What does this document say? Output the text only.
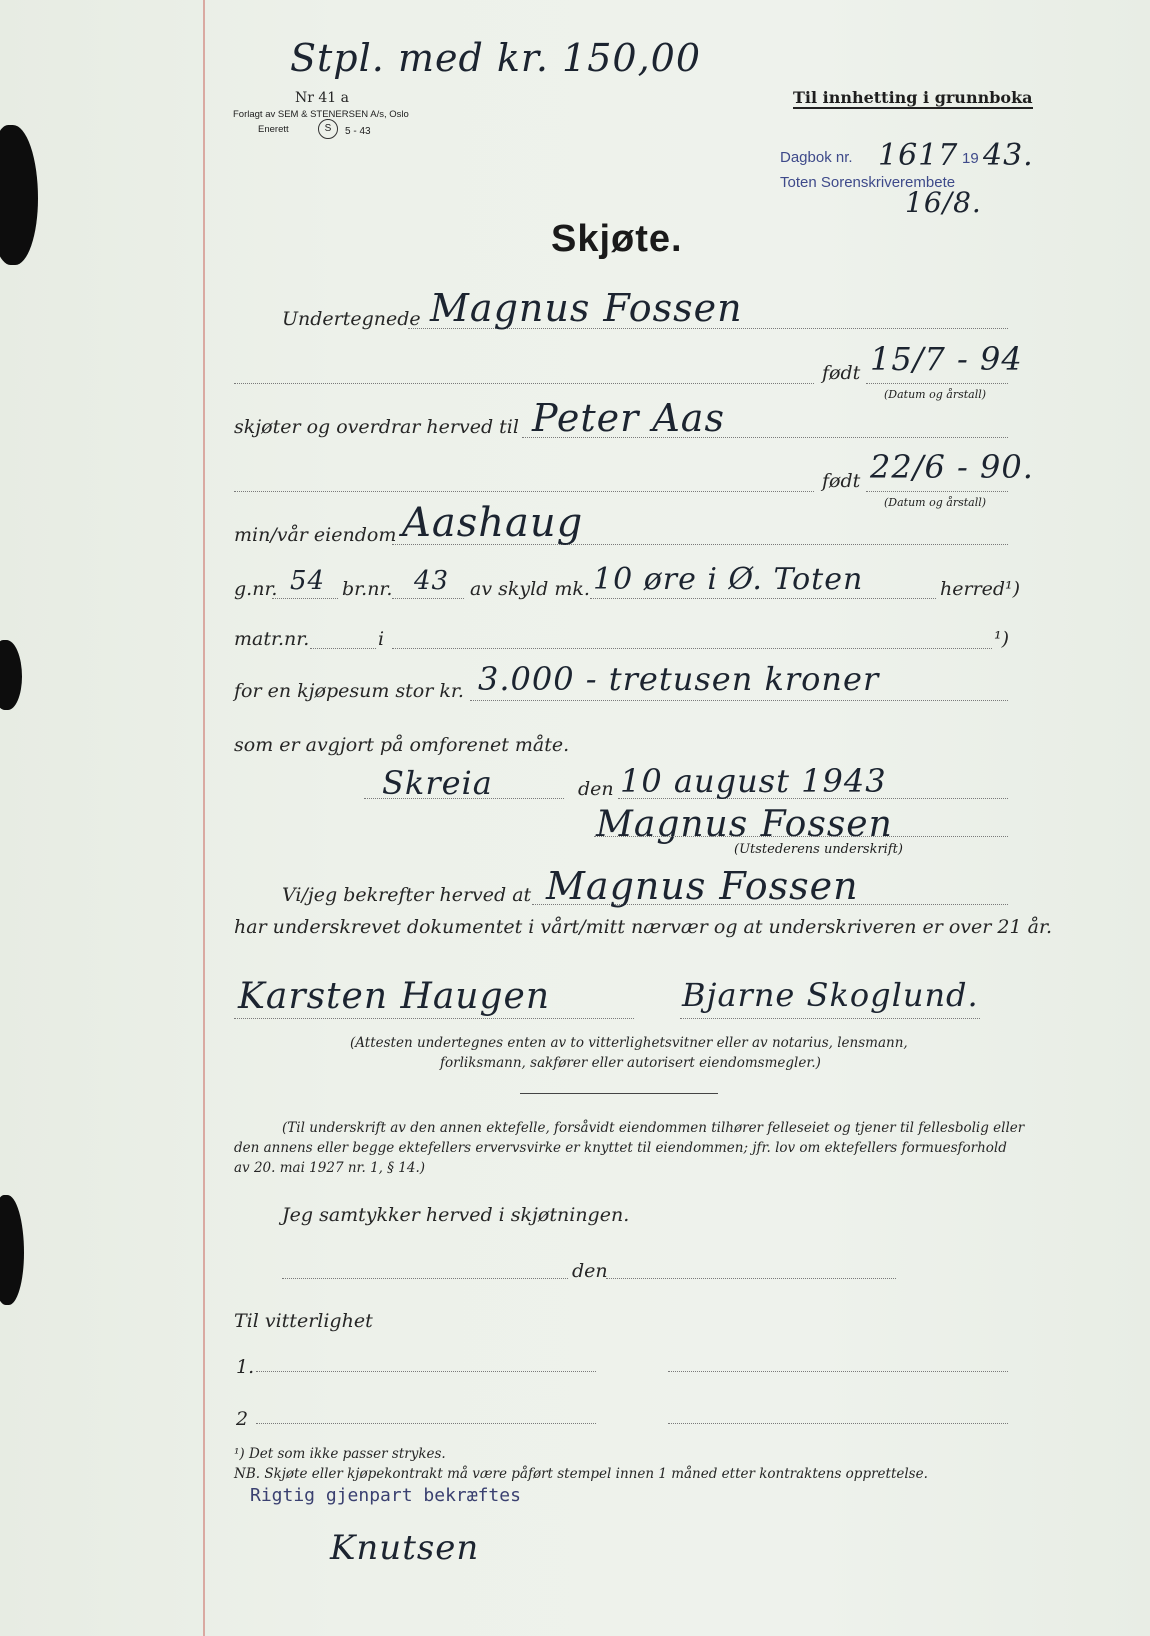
Stpl. med kr. 150,00
Nr 41 a
Forlagt av SEM & STENERSEN A/s, Oslo
Enerett	S	5 - 43
Til innhetting i grunnboka
Dagbok nr. 1617 19 43.
Toten Sorenskriverembete
16/8.
Skjøte.
Undertegnede Magnus Fossen
født 15/7 - 94
(Datum og årstall)
skjøter og overdrar herved til Peter Aas
født 22/6 - 90.
(Datum og årstall)
min/vår eiendom Aashaug
g.nr. 54 br.nr. 43 av skyld mk. 10 øre i Ø. Toten	herred¹)
matr.nr.	i	¹)
for en kjøpesum stor kr. 3.000 - tretusen kroner
som er avgjort på omforenet måte.
Skreia	den 10 august 1943
Magnus Fossen
(Utstederens underskrift)
Vi/jeg bekrefter herved at Magnus Fossen
har underskrevet dokumentet i vårt/mitt nærvær og at underskriveren er over 21 år.
Karsten Haugen	Bjarne Skoglund.
(Attesten undertegnes enten av to vitterlighetsvitner eller av notarius, lensmann,
forliksmann, sakfører eller autorisert eiendomsmegler.)
(Til underskrift av den annen ektefelle, forsåvidt eiendommen tilhører felleseiet og tjener til fellesbolig eller
den annens eller begge ektefellers ervervsvirke er knyttet til eiendommen; jfr. lov om ektefellers formuesforhold
av 20. mai 1927 nr. 1, § 14.)
Jeg samtykker herved i skjøtningen.
den
Til vitterlighet
1.
2
¹) Det som ikke passer strykes.
NB. Skjøte eller kjøpekontrakt må være påført stempel innen 1 måned etter kontraktens opprettelse.
Rigtig gjenpart bekræftes
Knutsen
